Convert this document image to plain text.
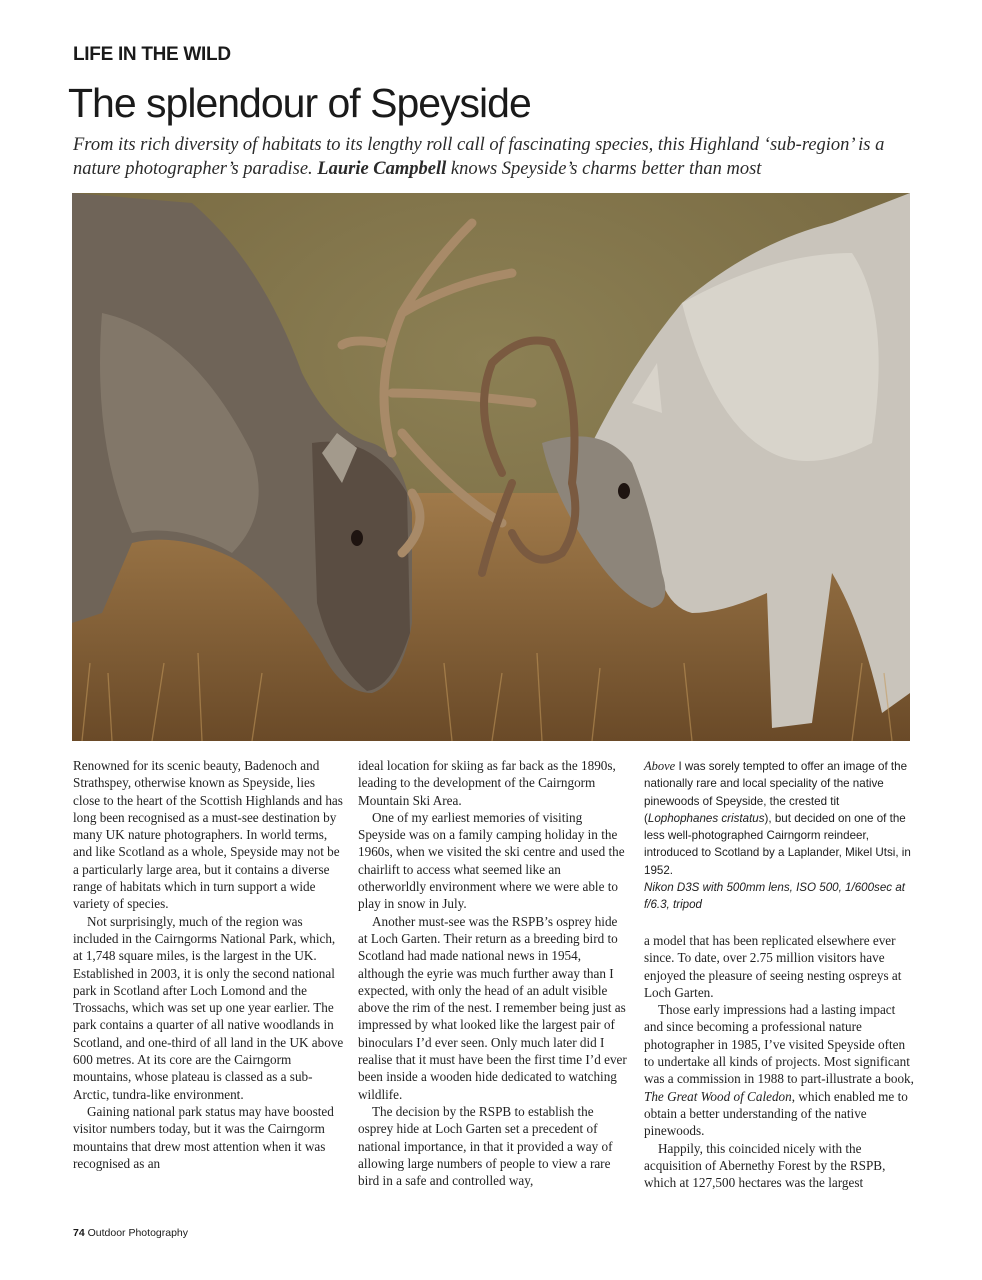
LIFE IN THE WILD
The splendour of Speyside
From its rich diversity of habitats to its lengthy roll call of fascinating species, this Highland ‘sub-region’ is a nature photographer’s paradise. Laurie Campbell knows Speyside’s charms better than most

Renowned for its scenic beauty, Badenoch and Strathspey, otherwise known as Speyside, lies close to the heart of the Scottish Highlands and has long been recognised as a must-see destination by many UK nature photographers. In world terms, and like Scotland as a whole, Speyside may not be a particularly large area, but it contains a diverse range of habitats which in turn support a wide variety of species.

Not surprisingly, much of the region was included in the Cairngorms National Park, which, at 1,748 square miles, is the largest in the UK. Established in 2003, it is only the second national park in Scotland after Loch Lomond and the Trossachs, which was set up one year earlier. The park contains a quarter of all native woodlands in Scotland, and one-third of all land in the UK above 600 metres. At its core are the Cairngorm mountains, whose plateau is classed as a sub-Arctic, tundra-like environment.

Gaining national park status may have boosted visitor numbers today, but it was the Cairngorm mountains that drew most attention when it was recognised as an

ideal location for skiing as far back as the 1890s, leading to the development of the Cairngorm Mountain Ski Area.

One of my earliest memories of visiting Speyside was on a family camping holiday in the 1960s, when we visited the ski centre and used the chairlift to access what seemed like an otherworldly environment where we were able to play in snow in July.

Another must-see was the RSPB’s osprey hide at Loch Garten. Their return as a breeding bird to Scotland had made national news in 1954, although the eyrie was much further away than I expected, with only the head of an adult visible above the rim of the nest. I remember being just as impressed by what looked like the largest pair of binoculars I’d ever seen. Only much later did I realise that it must have been the first time I’d ever been inside a wooden hide dedicated to watching wildlife.

The decision by the RSPB to establish the osprey hide at Loch Garten set a precedent of national importance, in that it provided a way of allowing large numbers of people to view a rare bird in a safe and controlled way,

Above I was sorely tempted to offer an image of the nationally rare and local speciality of the native pinewoods of Speyside, the crested tit (Lophophanes cristatus), but decided on one of the less well-photographed Cairngorm reindeer, introduced to Scotland by a Laplander, Mikel Utsi, in 1952.
Nikon D3S with 500mm lens, ISO 500, 1/600sec at f/6.3, tripod

a model that has been replicated elsewhere ever since. To date, over 2.75 million visitors have enjoyed the pleasure of seeing nesting ospreys at Loch Garten.

Those early impressions had a lasting impact and since becoming a professional nature photographer in 1985, I’ve visited Speyside often to undertake all kinds of projects. Most significant was a commission in 1988 to part-illustrate a book, The Great Wood of Caledon, which enabled me to obtain a better understanding of the native pinewoods.

Happily, this coincided nicely with the acquisition of Abernethy Forest by the RSPB, which at 127,500 hectares was the largest

74 Outdoor Photography
